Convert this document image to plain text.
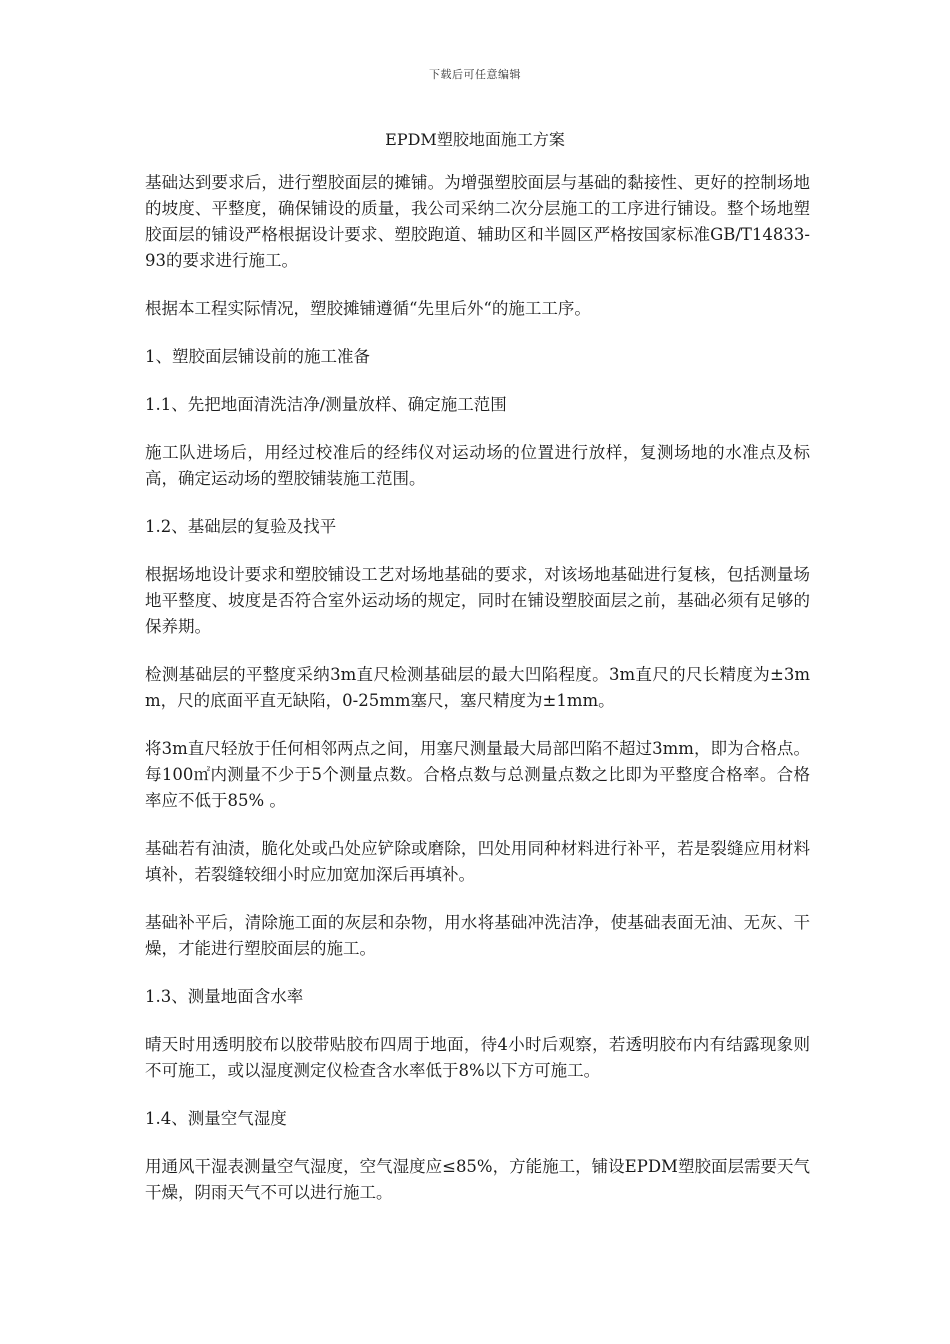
下载后可任意编辑
EPDM塑胶地面施工方案

基础达到要求后，进行塑胶面层的摊铺。为增强塑胶面层与基础的黏接性、更好的控制场地的坡度、平整度，确保铺设的质量，我公司采纳二次分层施工的工序进行铺设。整个场地塑胶面层的铺设严格根据设计要求、塑胶跑道、辅助区和半圆区严格按国家标准GB/T14833-93的要求进行施工。

根据本工程实际情况，塑胶摊铺遵循“先里后外“的施工工序。

1、塑胶面层铺设前的施工准备

1.1、先把地面清洗洁净/测量放样、确定施工范围

施工队进场后，用经过校准后的经纬仪对运动场的位置进行放样，复测场地的水准点及标高，确定运动场的塑胶铺装施工范围。

1.2、基础层的复验及找平

根据场地设计要求和塑胶铺设工艺对场地基础的要求，对该场地基础进行复核，包括测量场地平整度、坡度是否符合室外运动场的规定，同时在铺设塑胶面层之前，基础必须有足够的保养期。

检测基础层的平整度采纳3m直尺检测基础层的最大凹陷程度。3m直尺的尺长精度为±3mm，尺的底面平直无缺陷，0-25mm塞尺，塞尺精度为±1mm。

将3m直尺轻放于任何相邻两点之间，用塞尺测量最大局部凹陷不超过3mm，即为合格点。每100㎡内测量不少于5个测量点数。合格点数与总测量点数之比即为平整度合格率。合格率应不低于85% 。

基础若有油渍，脆化处或凸处应铲除或磨除，凹处用同种材料进行补平，若是裂缝应用材料填补，若裂缝较细小时应加宽加深后再填补。

基础补平后，清除施工面的灰层和杂物，用水将基础冲洗洁净，使基础表面无油、无灰、干燥，才能进行塑胶面层的施工。

1.3、测量地面含水率

晴天时用透明胶布以胶带贴胶布四周于地面，待4小时后观察，若透明胶布内有结露现象则不可施工，或以湿度测定仪检查含水率低于8%以下方可施工。

1.4、测量空气湿度

用通风干湿表测量空气湿度，空气湿度应≤85%，方能施工，铺设EPDM塑胶面层需要天气干燥，阴雨天气不可以进行施工。
